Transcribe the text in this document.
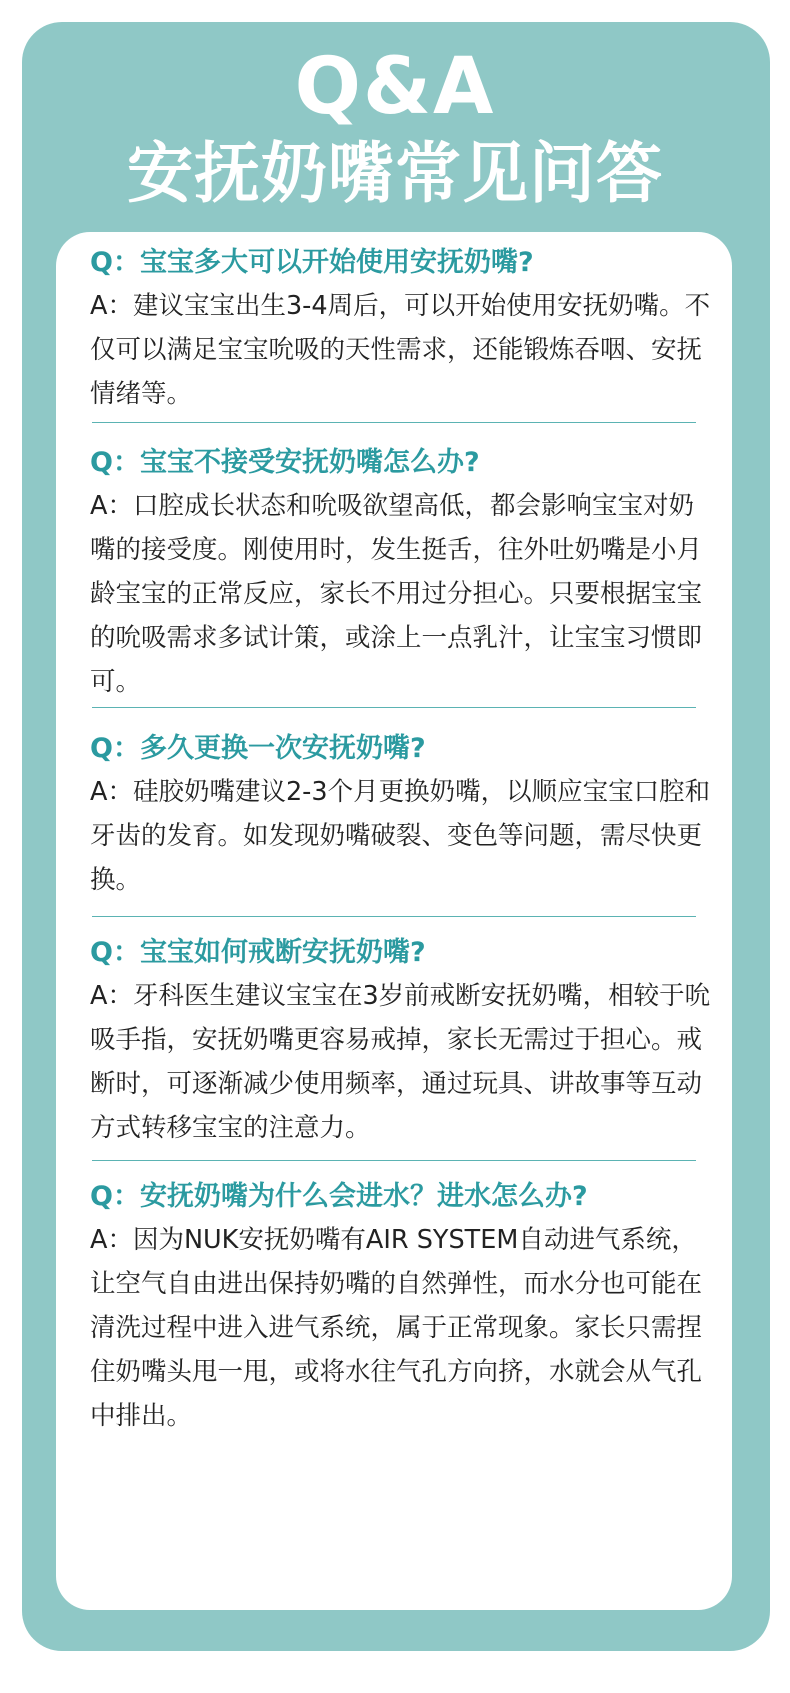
Q&A
安抚奶嘴常见问答
Q：宝宝多大可以开始使用安抚奶嘴?
A：建议宝宝出生3-4周后，可以开始使用安抚奶嘴。不仅可以满足宝宝吮吸的天性需求，还能锻炼吞咽、安抚情绪等。
Q：宝宝不接受安抚奶嘴怎么办?
A：口腔成长状态和吮吸欲望高低，都会影响宝宝对奶嘴的接受度。刚使用时，发生挺舌，往外吐奶嘴是小月龄宝宝的正常反应，家长不用过分担心。只要根据宝宝的吮吸需求多试计策，或涂上一点乳汁，让宝宝习惯即可。
Q：多久更换一次安抚奶嘴?
A：硅胶奶嘴建议2-3个月更换奶嘴，以顺应宝宝口腔和牙齿的发育。如发现奶嘴破裂、变色等问题，需尽快更换。
Q：宝宝如何戒断安抚奶嘴?
A：牙科医生建议宝宝在3岁前戒断安抚奶嘴，相较于吮吸手指，安抚奶嘴更容易戒掉，家长无需过于担心。戒断时，可逐渐减少使用频率，通过玩具、讲故事等互动方式转移宝宝的注意力。
Q：安抚奶嘴为什么会进水？进水怎么办?
A：因为NUK安抚奶嘴有AIR SYSTEM自动进气系统，让空气自由进出保持奶嘴的自然弹性，而水分也可能在清洗过程中进入进气系统，属于正常现象。家长只需捏住奶嘴头甩一甩，或将水往气孔方向挤，水就会从气孔中排出。
